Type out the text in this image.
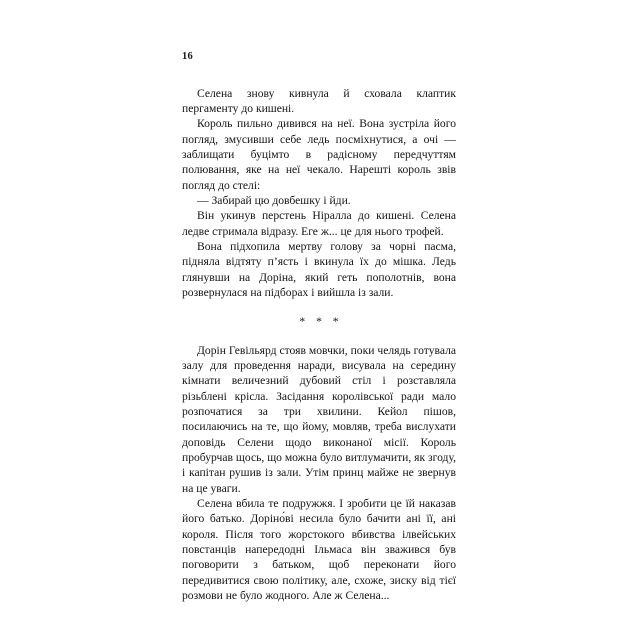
16

Селена знову кивнула й сховала клаптик пергаменту до кишені.

Король пильно дивився на неї. Вона зустріла його погляд, змусивши себе ледь посміхнутися, а очі — заблищати буцімто в радісному передчуттям полювання, яке на неї чекало. Нарешті король звів погляд до стелі:

— Забирай цю довбешку і йди.

Він укинув перстень Ніралла до кишені. Селена ледве стримала відразу. Еге ж... це для нього трофей.

Вона підхопила мертву голову за чорні пасма, підняла відтяту п’ясть і вкинула їх до мішка. Ледь глянувши на Доріна, який геть пополотнів, вона розвернулася на підборах і вийшла із зали.

* * *

Дорін Гевільярд стояв мовчки, поки челядь готувала залу для проведення наради, висувала на середину кімнати величезний дубовий стіл і розставляла різьблені крісла. Засідання королівської ради мало розпочатися за три хвилини. Кейол пішов, посилаючись на те, що йому, мовляв, треба вислухати доповідь Селени щодо виконаної місії. Король пробурчав щось, що можна було витлумачити, як згоду, і капітан рушив із зали. Утім принц майже не звернув на це уваги.

Селена вбила те подружжя. І зробити це їй наказав його батько. Доріно́ві несила було бачити ані її, ані короля. Після того жорстокого вбивства ілвейських повстанців напередодні Ільмаса він зважився був поговорити з батьком, щоб переконати його передивитися свою політику, але, схоже, зиску від тієї розмови не було жодного. Але ж Селена...
